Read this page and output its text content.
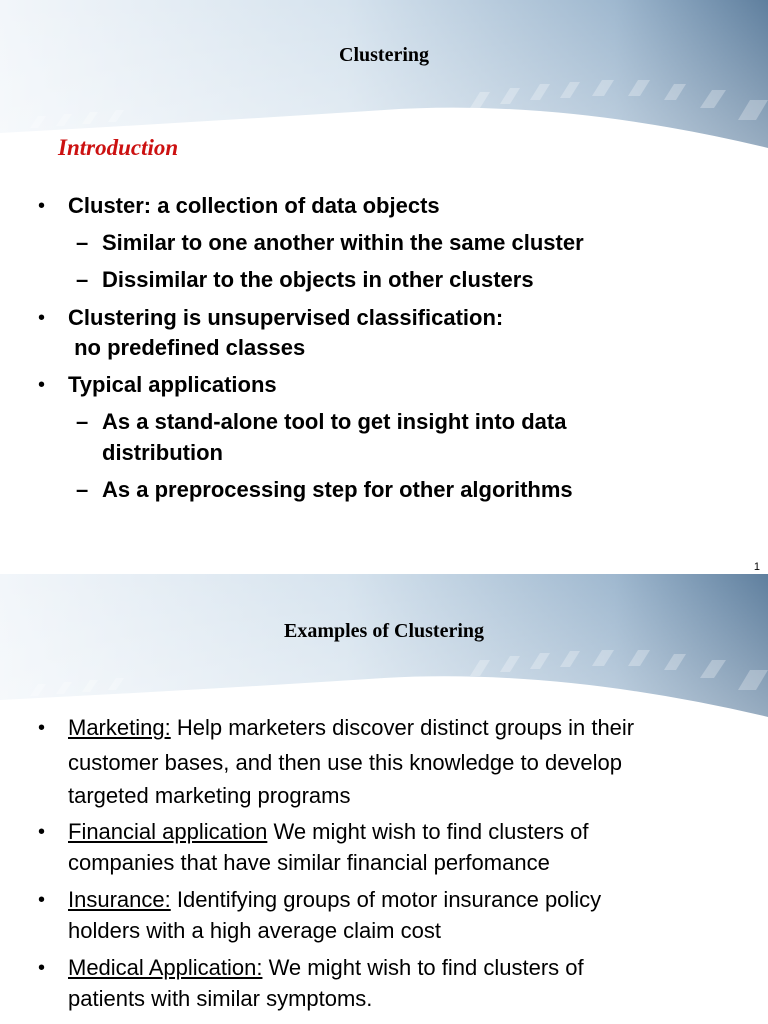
Clustering
Introduction
• Cluster: a collection of data objects
– Similar to one another within the same cluster
– Dissimilar to the objects in other clusters
• Clustering is unsupervised classification:
no predefined classes
• Typical applications
– As a stand-alone tool to get insight into data
distribution
– As a preprocessing step for other algorithms
1
Examples of Clustering
• Marketing: Help marketers discover distinct groups in their
customer bases, and then use this knowledge to develop
targeted marketing programs
• Financial application We might wish to find clusters of
companies that have similar financial perfomance
• Insurance: Identifying groups of motor insurance policy
holders with a high average claim cost
• Medical Application: We might wish to find clusters of
patients with similar symptoms.
